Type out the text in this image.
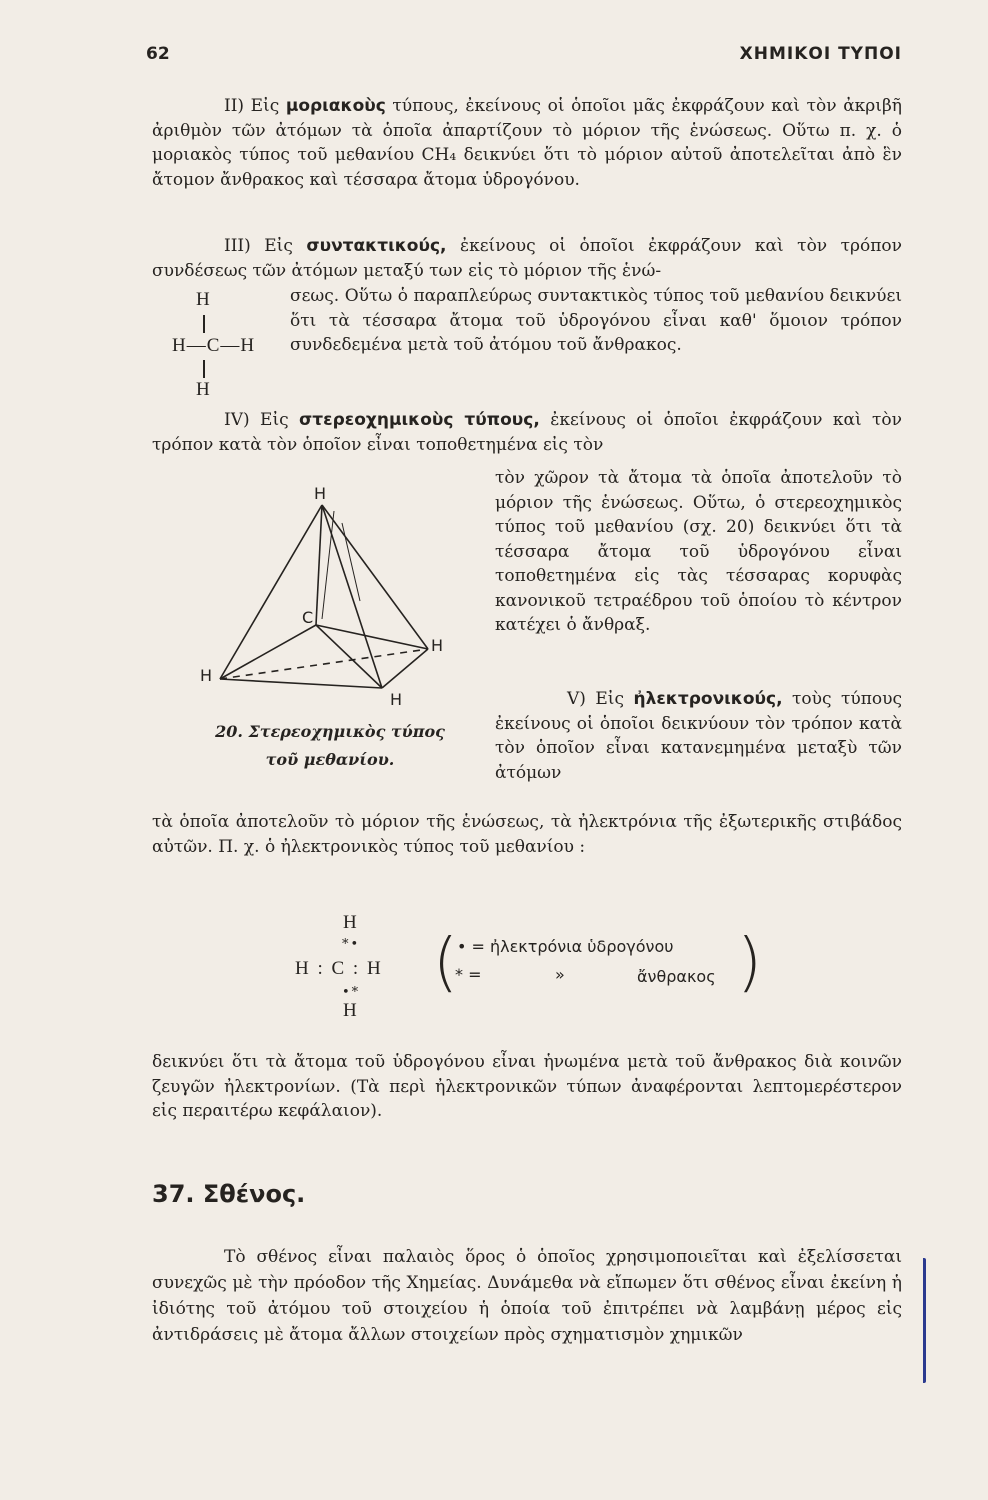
62	ΧΗΜΙΚΟΙ ΤΥΠΟΙ
II) Εἰς μοριακοὺς τύπους, ἐκείνους οἱ ὁποῖοι μᾶς ἐκφράζουν καὶ τὸν ἀκριβῆ ἀριθμὸν τῶν ἀτόμων τὰ ὁποῖα ἀπαρτίζουν τὸ μόριον τῆς ἑνώσεως. Οὕτω π. χ. ὁ μοριακὸς τύπος τοῦ μεθανίου CH₄ δεικνύει ὅτι τὸ μόριον αὐτοῦ ἀποτελεῖται ἀπὸ ἓν ἄτομον ἄνθρακος καὶ τέσσαρα ἄτομα ὑδρογόνου.
III) Εἰς συντακτικούς, ἐκείνους οἱ ὁποῖοι ἐκφράζουν καὶ τὸν τρόπον συνδέσεως τῶν ἀτόμων μεταξύ των εἰς τὸ μόριον τῆς ἑνώ-
H
H—C—H
H
σεως. Οὕτω ὁ παραπλεύρως συντακτικὸς τύπος τοῦ μεθανίου δεικνύει ὅτι τὰ τέσσαρα ἄτομα τοῦ ὑδρογόνου εἶναι καθ' ὅμοιον τρόπον συνδεδεμένα μετὰ τοῦ ἀτόμου τοῦ ἄνθρακος.
IV) Εἰς στερεοχημικοὺς τύπους, ἐκείνους οἱ ὁποῖοι ἐκφράζουν καὶ τὸν τρόπον κατὰ τὸν ὁποῖον εἶναι τοποθετημένα εἰς τὸν
τὸν χῶρον τὰ ἄτομα τὰ ὁποῖα ἀποτελοῦν τὸ μόριον τῆς ἑνώσεως. Οὕτω, ὁ στερεοχημικὸς τύπος τοῦ μεθανίου (σχ. 20) δεικνύει ὅτι τὰ τέσσαρα ἄτομα τοῦ ὑδρογόνου εἶναι τοποθετημένα εἰς τὰς τέσσαρας κορυφὰς κανονικοῦ τετραέδρου τοῦ ὁποίου τὸ κέντρον κατέχει ὁ ἄνθραξ.
H
C
H
H
H
20. Στερεοχημικὸς τύπος
τοῦ μεθανίου.
V) Εἰς ἠλεκτρονικούς, τοὺς τύπους ἐκείνους οἱ ὁποῖοι δεικνύουν τὸν τρόπον κατὰ τὸν ὁποῖον εἶναι κατανεμημένα μεταξὺ τῶν ἀτόμων
τὰ ὁποῖα ἀποτελοῦν τὸ μόριον τῆς ἑνώσεως, τὰ ἠλεκτρόνια τῆς ἐξωτερικῆς στιβάδος αὐτῶν. Π. χ. ὁ ἠλεκτρονικὸς τύπος τοῦ μεθανίου :
H
*•
H : C : H
•*
H
( • = ἠλεκτρόνια ὑδρογόνου
* =	»	ἄνθρακος )
δεικνύει ὅτι τὰ ἄτομα τοῦ ὑδρογόνου εἶναι ἡνωμένα μετὰ τοῦ ἄνθρακος διὰ κοινῶν ζευγῶν ἠλεκτρονίων. (Τὰ περὶ ἠλεκτρονικῶν τύπων ἀναφέρονται λεπτομερέστερον εἰς περαιτέρω κεφάλαιον).
37. Σθένος.
Τὸ σθένος εἶναι παλαιὸς ὅρος ὁ ὁποῖος χρησιμοποιεῖται καὶ ἐξελίσσεται συνεχῶς μὲ τὴν πρόοδον τῆς Χημείας. Δυνάμεθα νὰ εἴπωμεν ὅτι σθένος εἶναι ἐκείνη ἡ ἰδιότης τοῦ ἀτόμου τοῦ στοιχείου ἡ ὁποία τοῦ ἐπιτρέπει νὰ λαμβάνῃ μέρος εἰς ἀντιδράσεις μὲ ἄτομα ἄλλων στοιχείων πρὸς σχηματισμὸν χημικῶν
